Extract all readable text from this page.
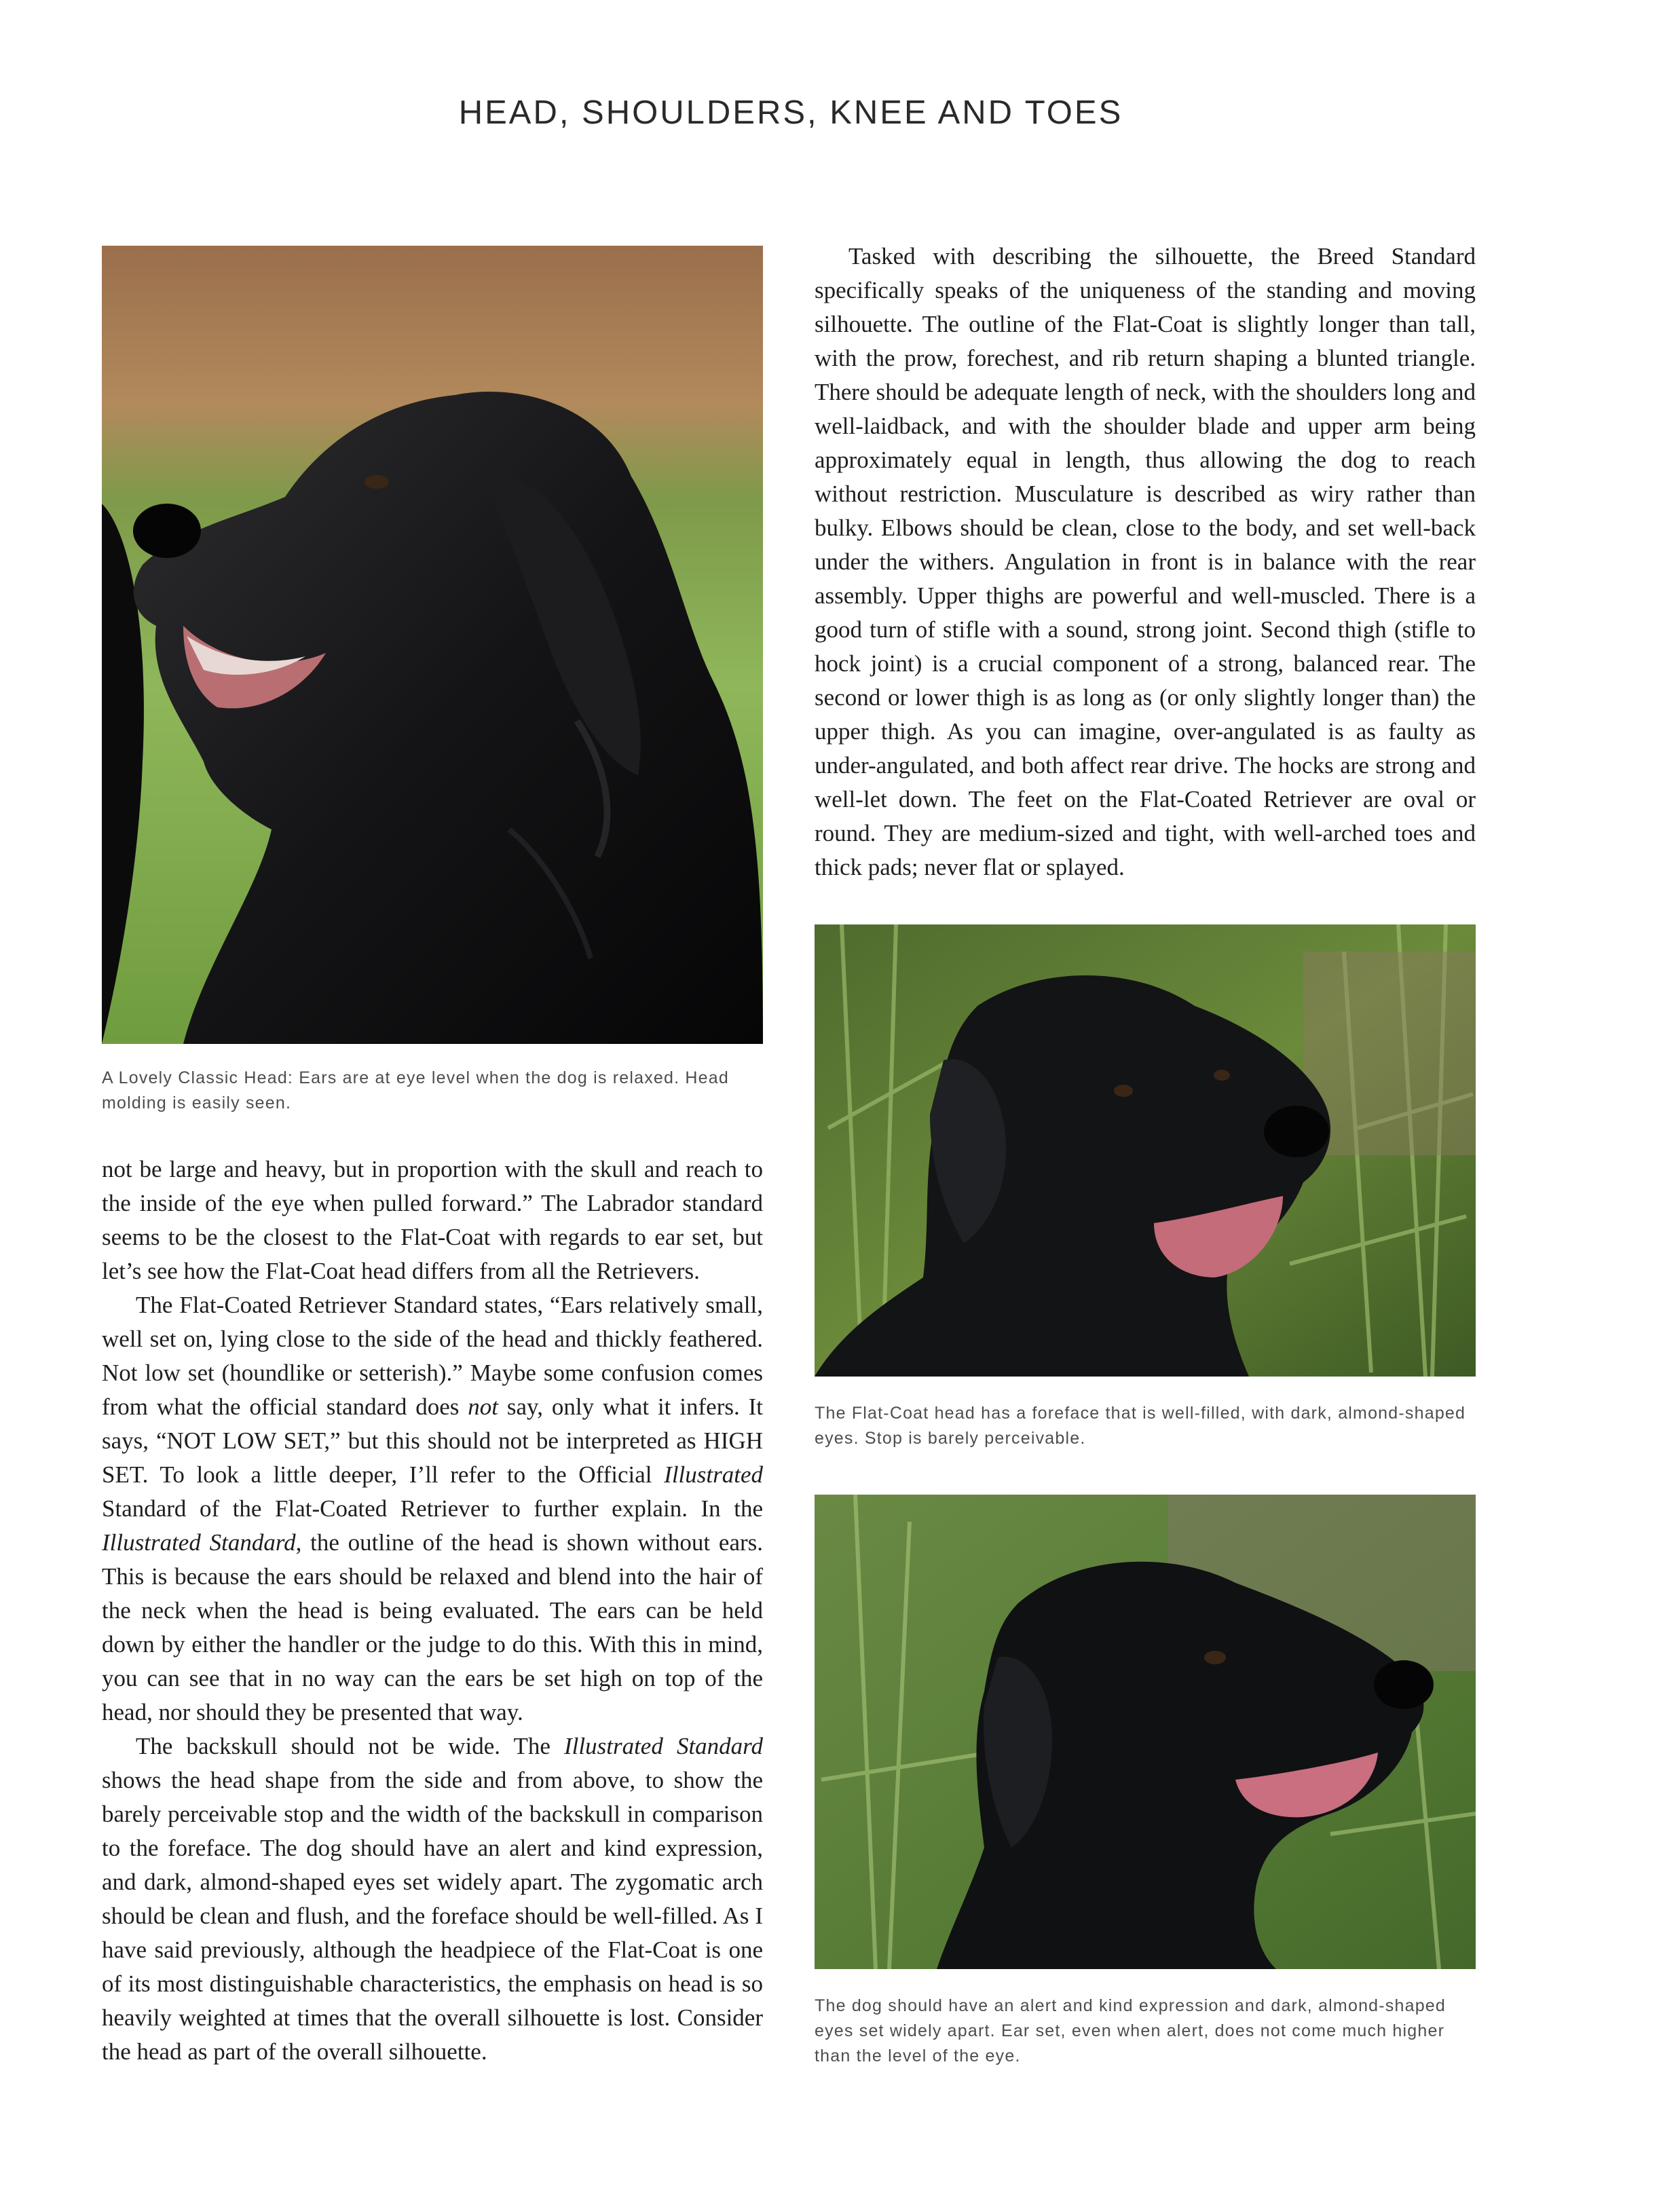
HEAD, SHOULDERS, KNEE AND TOES

A Lovely Classic Head: Ears are at eye level when the dog is relaxed. Head molding is easily seen.

Tasked with describing the silhouette, the Breed Standard specifically speaks of the uniqueness of the standing and moving silhouette. The outline of the Flat-Coat is slightly longer than tall, with the prow, forechest, and rib return shaping a blunted triangle. There should be adequate length of neck, with the shoulders long and well-laidback, and with the shoulder blade and upper arm being approximately equal in length, thus allowing the dog to reach without restriction. Musculature is described as wiry rather than bulky. Elbows should be clean, close to the body, and set well-back under the withers. Angulation in front is in balance with the rear assembly. Upper thighs are powerful and well-muscled. There is a good turn of stifle with a sound, strong joint. Second thigh (stifle to hock joint) is a crucial component of a strong, balanced rear. The second or lower thigh is as long as (or only slightly longer than) the upper thigh. As you can imagine, over-angulated is as faulty as under-angulated, and both affect rear drive. The hocks are strong and well-let down. The feet on the Flat-Coated Retriever are oval or round. They are medium-sized and tight, with well-arched toes and thick pads; never flat or splayed.

The Flat-Coat head has a foreface that is well-filled, with dark, almond-shaped eyes. Stop is barely perceivable.

The dog should have an alert and kind expression and dark, almond-shaped eyes set widely apart. Ear set, even when alert, does not come much higher than the level of the eye.

not be large and heavy, but in proportion with the skull and reach to the inside of the eye when pulled forward.” The Labrador standard seems to be the closest to the Flat-Coat with regards to ear set, but let’s see how the Flat-Coat head differs from all the Retrievers.

The Flat-Coated Retriever Standard states, “Ears relatively small, well set on, lying close to the side of the head and thickly feathered. Not low set (houndlike or setterish).” Maybe some confusion comes from what the official standard does not say, only what it infers. It says, “NOT LOW SET,” but this should not be interpreted as HIGH SET. To look a little deeper, I’ll refer to the Official Illustrated Standard of the Flat-Coated Retriever to further explain. In the Illustrated Standard, the outline of the head is shown without ears. This is because the ears should be relaxed and blend into the hair of the neck when the head is being evaluated. The ears can be held down by either the handler or the judge to do this. With this in mind, you can see that in no way can the ears be set high on top of the head, nor should they be presented that way.

The backskull should not be wide. The Illustrated Standard shows the head shape from the side and from above, to show the barely perceivable stop and the width of the backskull in comparison to the foreface. The dog should have an alert and kind expression, and dark, almond-shaped eyes set widely apart. The zygomatic arch should be clean and flush, and the foreface should be well-filled. As I have said previously, although the headpiece of the Flat-Coat is one of its most distinguishable characteristics, the emphasis on head is so heavily weighted at times that the overall silhouette is lost. Consider the head as part of the overall silhouette.
